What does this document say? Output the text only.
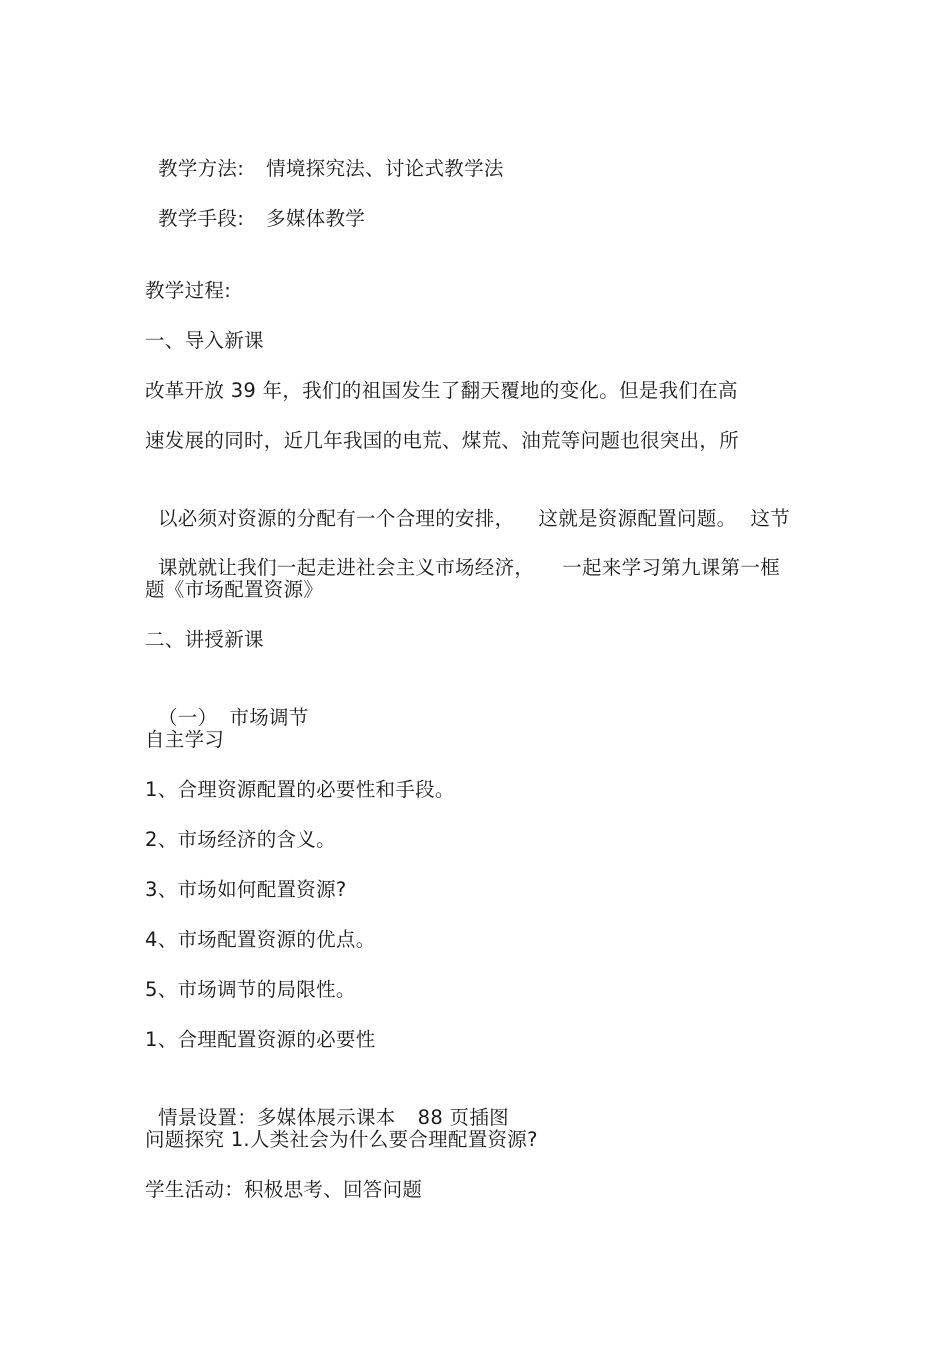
教学方法: 情境探究法、讨论式教学法

教学手段: 多媒体教学

教学过程:
一、导入新课
改革开放 39 年，我们的祖国发生了翻天覆地的变化。但是我们在高
速发展的同时，近几年我国的电荒、煤荒、油荒等问题也很突出，所

以必须对资源的分配有一个合理的安排， 这就是资源配置问题。 这节

课就就让我们一起走进社会主义市场经济， 一起来学习第九课第一框

题《市场配置资源》
二、讲授新课

（一） 市场调节

自主学习
1、合理资源配置的必要性和手段。
2、市场经济的含义。
3、市场如何配置资源?
4、市场配置资源的优点。
5、市场调节的局限性。
1、合理配置资源的必要性

情景设置：多媒体展示课本 88 页插图

问题探究 1.人类社会为什么要合理配置资源?
学生活动：积极思考、回答问题
